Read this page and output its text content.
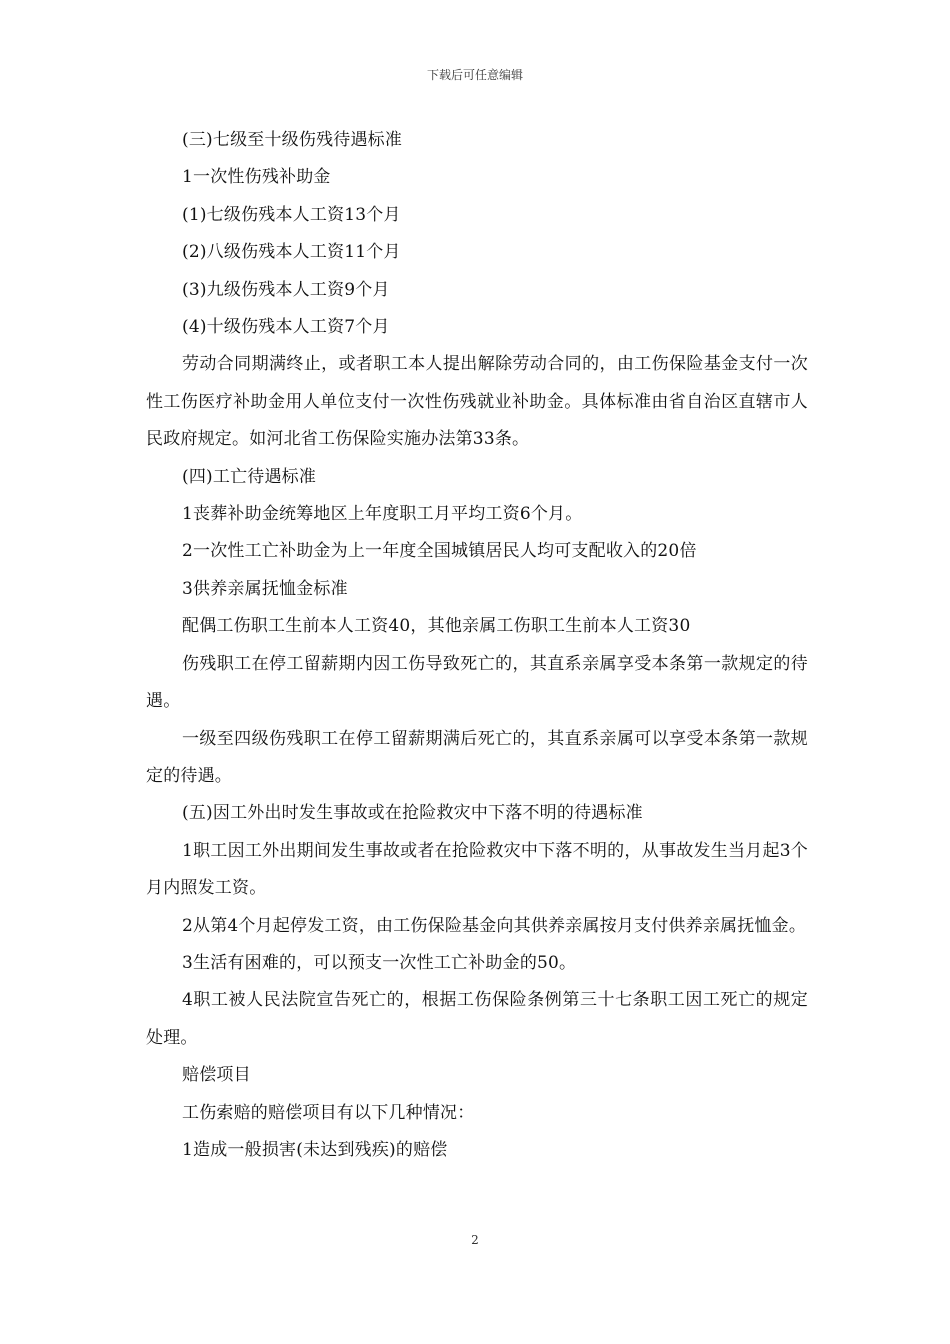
下载后可任意编辑

(三)七级至十级伤残待遇标准

1一次性伤残补助金

(1)七级伤残本人工资13个月

(2)八级伤残本人工资11个月

(3)九级伤残本人工资9个月

(4)十级伤残本人工资7个月

劳动合同期满终止，或者职工本人提出解除劳动合同的，由工伤保险基金支付一次性工伤医疗补助金用人单位支付一次性伤残就业补助金。具体标准由省自治区直辖市人民政府规定。如河北省工伤保险实施办法第33条。

(四)工亡待遇标准

1丧葬补助金统筹地区上年度职工月平均工资6个月。

2一次性工亡补助金为上一年度全国城镇居民人均可支配收入的20倍

3供养亲属抚恤金标准

配偶工伤职工生前本人工资40，其他亲属工伤职工生前本人工资30

伤残职工在停工留薪期内因工伤导致死亡的，其直系亲属享受本条第一款规定的待遇。

一级至四级伤残职工在停工留薪期满后死亡的，其直系亲属可以享受本条第一款规定的待遇。

(五)因工外出时发生事故或在抢险救灾中下落不明的待遇标准

1职工因工外出期间发生事故或者在抢险救灾中下落不明的，从事故发生当月起3个月内照发工资。

2从第4个月起停发工资，由工伤保险基金向其供养亲属按月支付供养亲属抚恤金。

3生活有困难的，可以预支一次性工亡补助金的50。

4职工被人民法院宣告死亡的，根据工伤保险条例第三十七条职工因工死亡的规定处理。

赔偿项目

工伤索赔的赔偿项目有以下几种情况：

1造成一般损害(未达到残疾)的赔偿

2
